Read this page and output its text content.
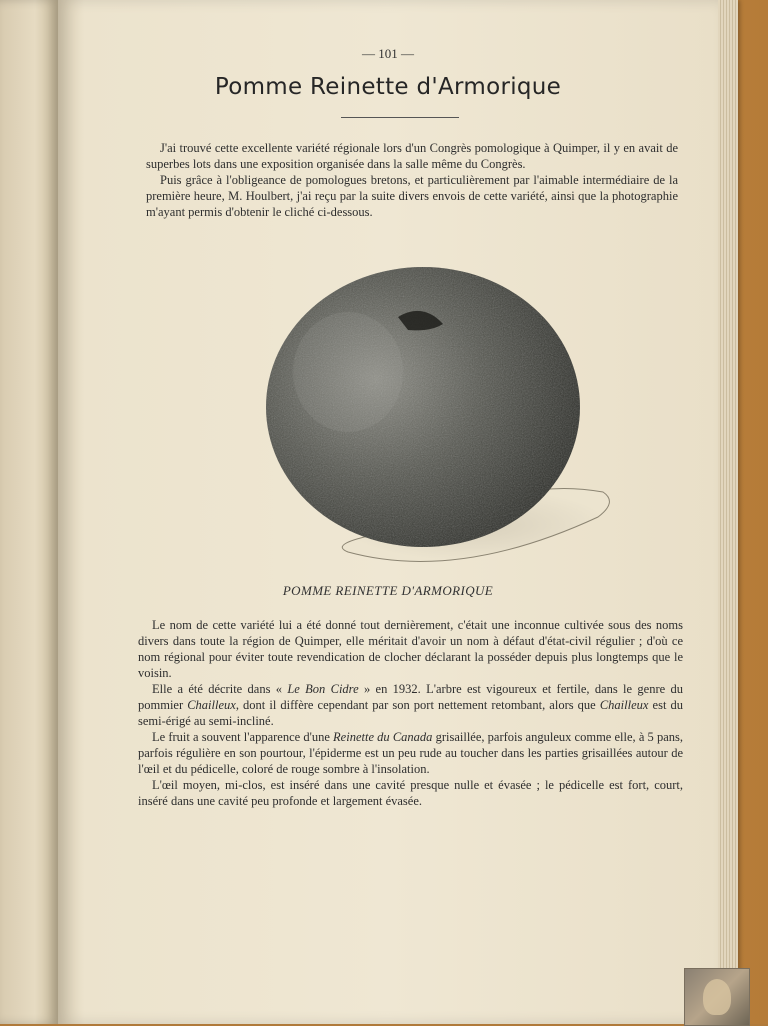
— 101 —
Pomme Reinette d'Armorique

J'ai trouvé cette excellente variété régionale lors d'un Congrès pomologique à Quimper, il y en avait de superbes lots dans une exposition organisée dans la salle même du Congrès.

Puis grâce à l'obligeance de pomologues bretons, et particulièrement par l'aimable intermédiaire de la première heure, M. Houlbert, j'ai reçu par la suite divers envois de cette variété, ainsi que la photographie m'ayant permis d'obtenir le cliché ci-dessous.

POMME REINETTE D'ARMORIQUE

Le nom de cette variété lui a été donné tout dernièrement, c'était une inconnue cultivée sous des noms divers dans toute la région de Quimper, elle méritait d'avoir un nom à défaut d'état-civil régulier ; d'où ce nom régional pour éviter toute revendication de clocher déclarant la posséder depuis plus longtemps que le voisin.

Elle a été décrite dans « Le Bon Cidre » en 1932. L'arbre est vigoureux et fertile, dans le genre du pommier Chailleux, dont il diffère cependant par son port nettement retombant, alors que Chailleux est du semi-érigé au semi-incliné.

Le fruit a souvent l'apparence d'une Reinette du Canada grisaillée, parfois anguleux comme elle, à 5 pans, parfois régulière en son pourtour, l'épiderme est un peu rude au toucher dans les parties grisaillées autour de l'œil et du pédicelle, coloré de rouge sombre à l'insolation.

L'œil moyen, mi-clos, est inséré dans une cavité presque nulle et évasée ; le pédicelle est fort, court, inséré dans une cavité peu profonde et largement évasée.
